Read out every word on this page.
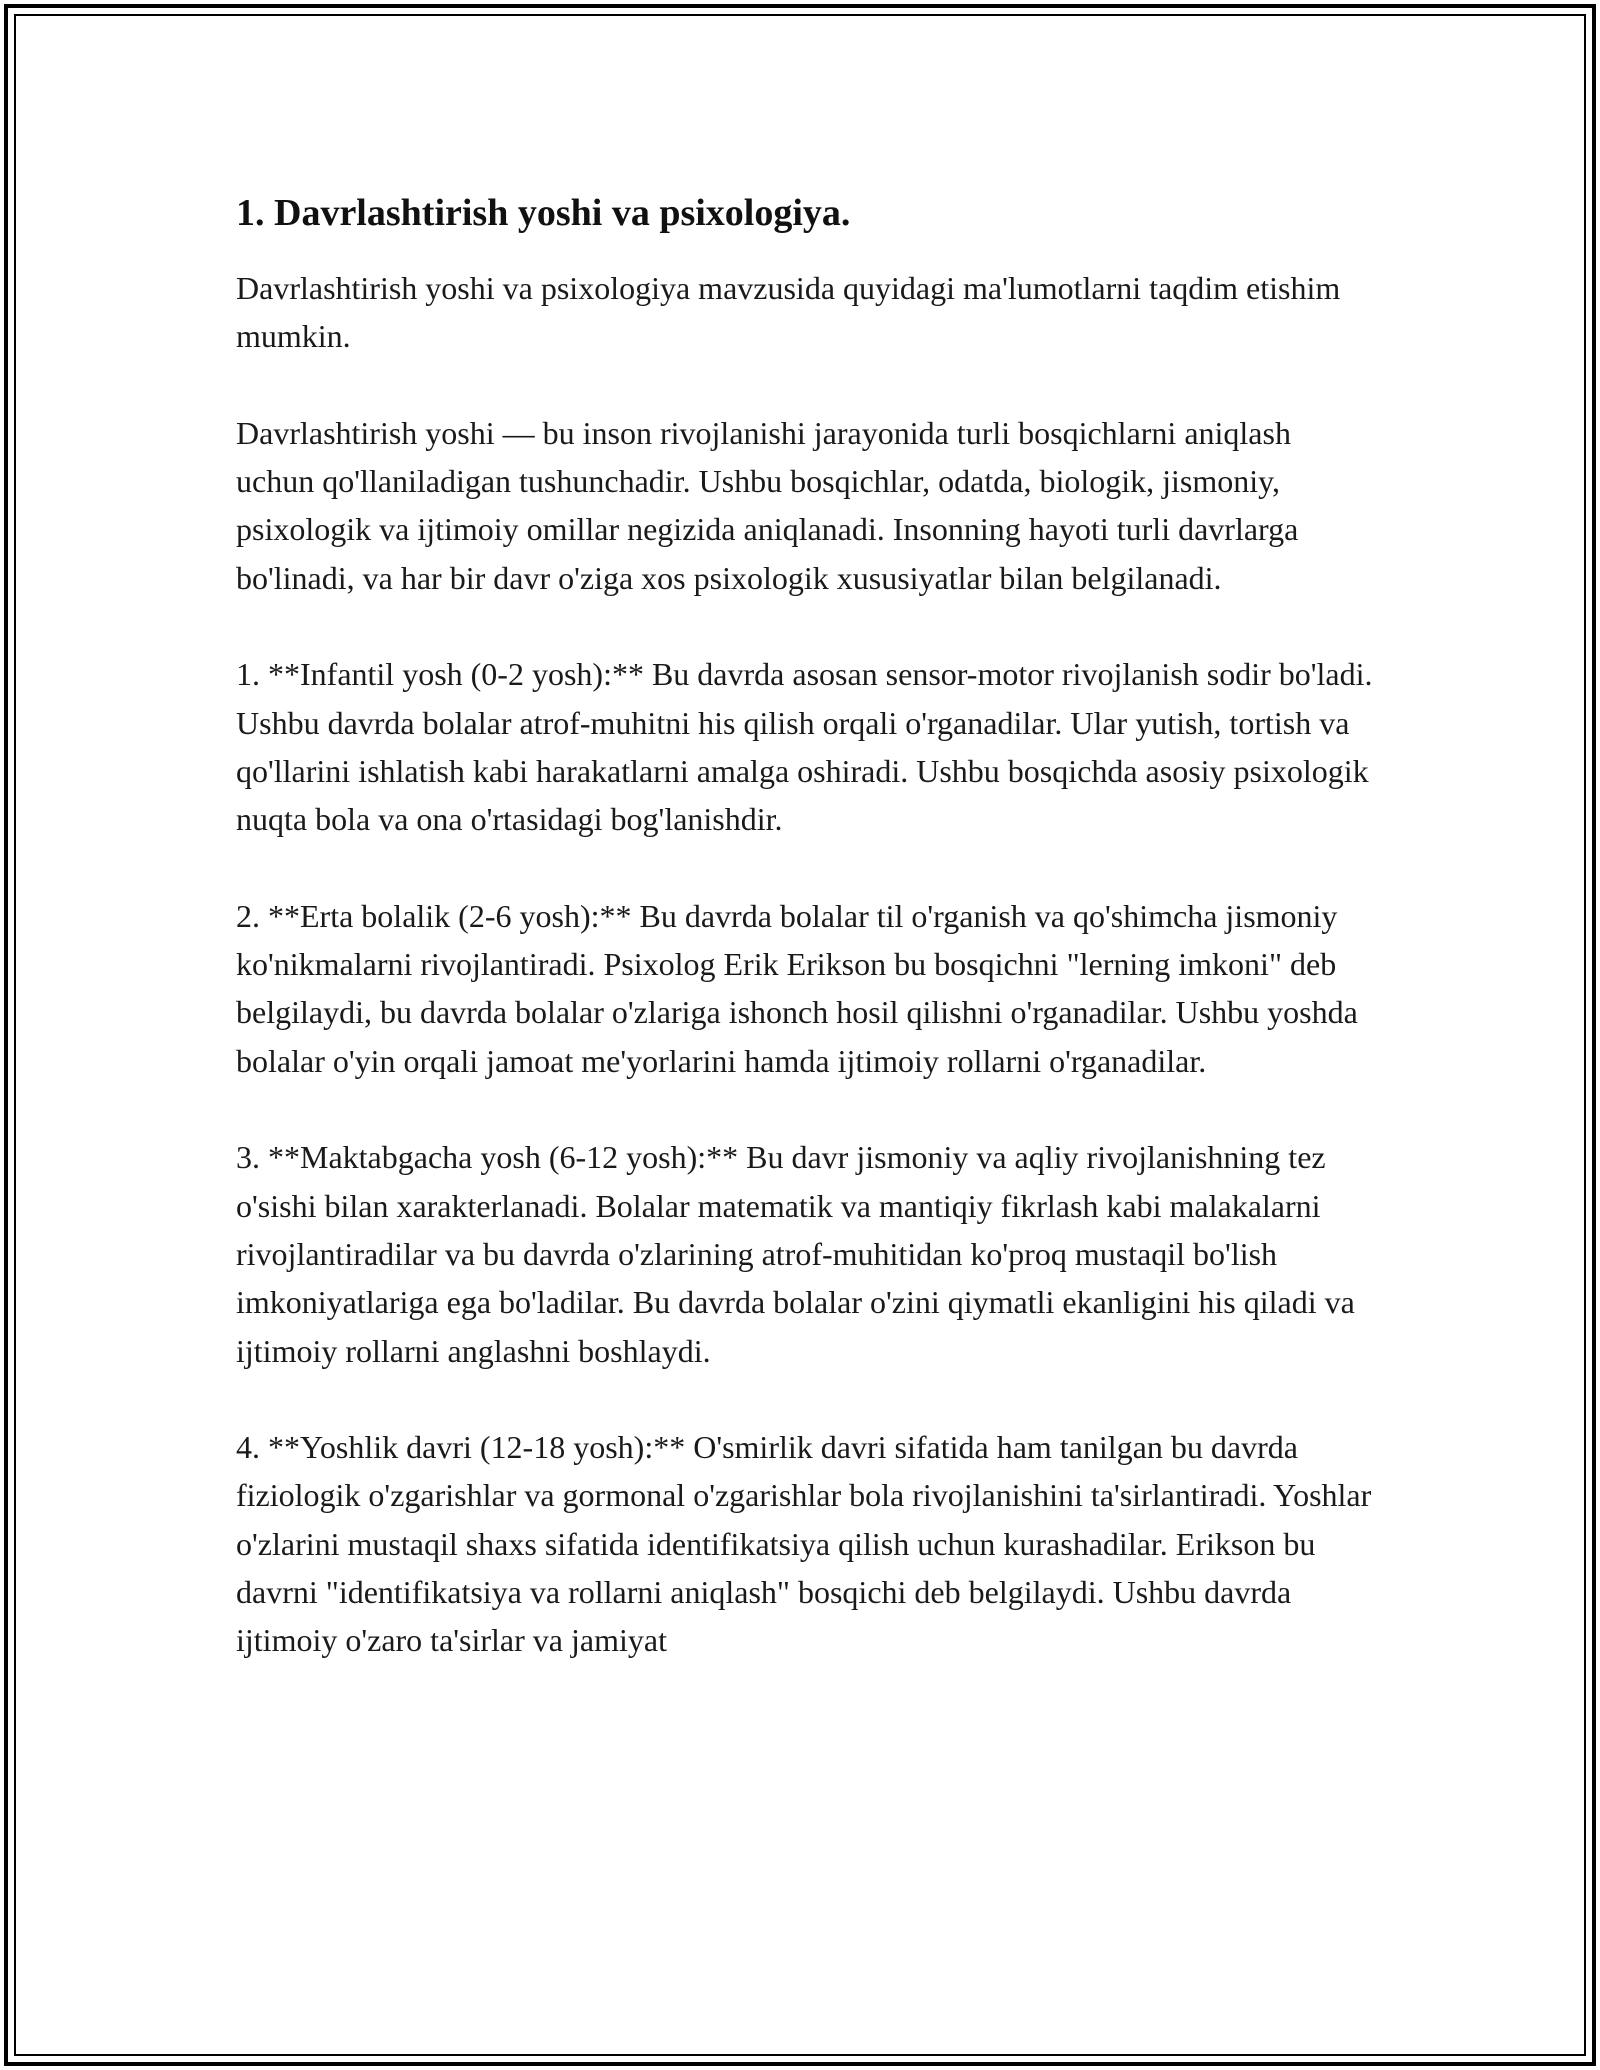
1. Davrlashtirish yoshi va psixologiya.

Davrlashtirish yoshi va psixologiya mavzusida quyidagi ma'lumotlarni taqdim etishim mumkin.

Davrlashtirish yoshi — bu inson rivojlanishi jarayonida turli bosqichlarni aniqlash uchun qo'llaniladigan tushunchadir. Ushbu bosqichlar, odatda, biologik, jismoniy, psixologik va ijtimoiy omillar negizida aniqlanadi. Insonning hayoti turli davrlarga bo'linadi, va har bir davr o'ziga xos psixologik xususiyatlar bilan belgilanadi.

1. **Infantil yosh (0-2 yosh):** Bu davrda asosan sensor-motor rivojlanish sodir bo'ladi. Ushbu davrda bolalar atrof-muhitni his qilish orqali o'rganadilar. Ular yutish, tortish va qo'llarini ishlatish kabi harakatlarni amalga oshiradi. Ushbu bosqichda asosiy psixologik nuqta bola va ona o'rtasidagi bog'lanishdir.

2. **Erta bolalik (2-6 yosh):** Bu davrda bolalar til o'rganish va qo'shimcha jismoniy ko'nikmalarni rivojlantiradi. Psixolog Erik Erikson bu bosqichni "lerning imkoni" deb belgilaydi, bu davrda bolalar o'zlariga ishonch hosil qilishni o'rganadilar. Ushbu yoshda bolalar o'yin orqali jamoat me'yorlarini hamda ijtimoiy rollarni o'rganadilar.

3. **Maktabgacha yosh (6-12 yosh):** Bu davr jismoniy va aqliy rivojlanishning tez o'sishi bilan xarakterlanadi. Bolalar matematik va mantiqiy fikrlash kabi malakalarni rivojlantiradilar va bu davrda o'zlarining atrof-muhitidan ko'proq mustaqil bo'lish imkoniyatlariga ega bo'ladilar. Bu davrda bolalar o'zini qiymatli ekanligini his qiladi va ijtimoiy rollarni anglashni boshlaydi.

4. **Yoshlik davri (12-18 yosh):** O'smirlik davri sifatida ham tanilgan bu davrda fiziologik o'zgarishlar va gormonal o'zgarishlar bola rivojlanishini ta'sirlantiradi. Yoshlar o'zlarini mustaqil shaxs sifatida identifikatsiya qilish uchun kurashadilar. Erikson bu davrni "identifikatsiya va rollarni aniqlash" bosqichi deb belgilaydi. Ushbu davrda ijtimoiy o'zaro ta'sirlar va jamiyat
